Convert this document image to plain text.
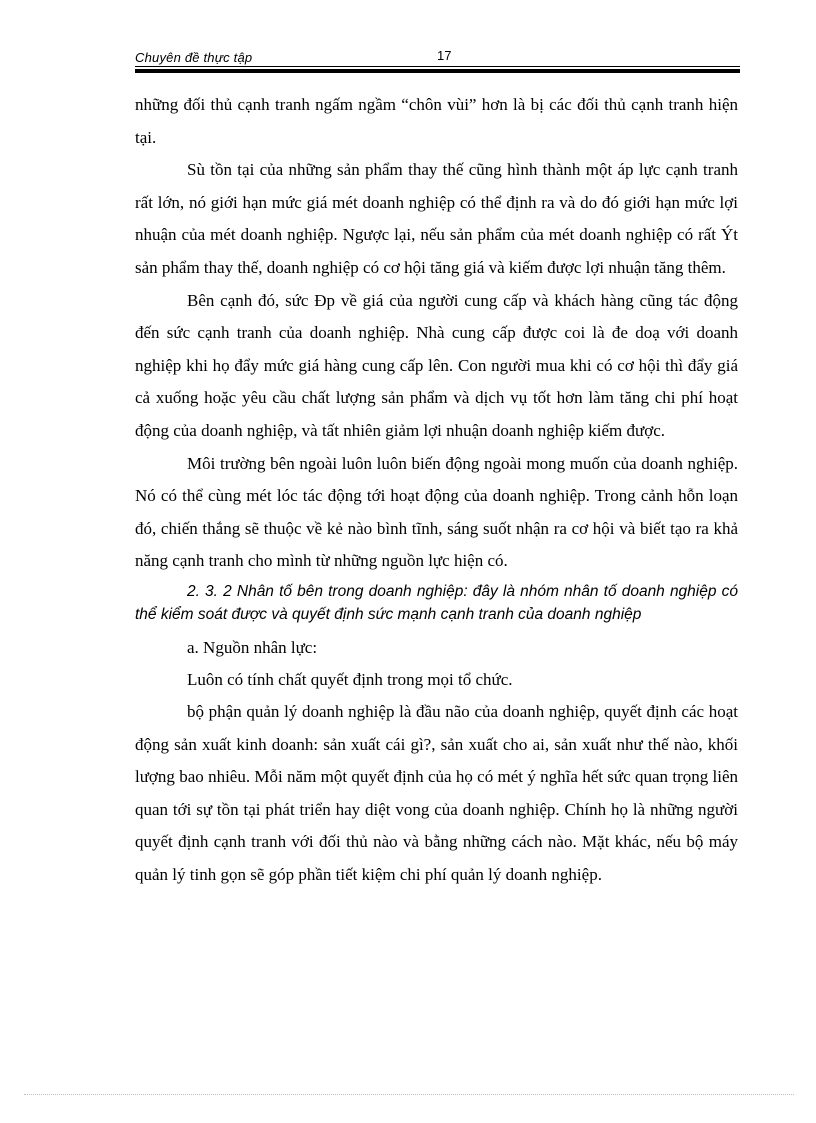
Chuyên đề thực tập	17

những đối thủ cạnh tranh ngấm ngầm “chôn vùi” hơn là bị các đối thủ cạnh tranh hiện tại.

Sù tồn tại của những sản phẩm thay thế cũng hình thành một áp lực cạnh tranh rất lớn, nó giới hạn mức giá mét doanh nghiệp có thể định ra và do đó giới hạn mức lợi nhuận của mét doanh nghiệp. Ngược lại, nếu sản phẩm của mét doanh nghiệp có rất Ýt sản phẩm thay thế, doanh nghiệp có cơ hội tăng giá và kiếm được lợi nhuận tăng thêm.

Bên cạnh đó, sức Ðp về giá của người cung cấp và khách hàng cũng tác động đến sức cạnh tranh của doanh nghiệp. Nhà cung cấp được coi là đe doạ với doanh nghiệp khi họ đẩy mức giá hàng cung cấp lên. Con người mua khi có cơ hội thì đẩy giá cả xuống hoặc yêu cầu chất lượng sản phẩm và dịch vụ tốt hơn làm tăng chi phí hoạt động của doanh nghiệp, và tất nhiên giảm lợi nhuận doanh nghiệp kiếm được.

Môi trường bên ngoài luôn luôn biến động ngoài mong muốn của doanh nghiệp. Nó có thể cùng mét lóc tác động tới hoạt động của doanh nghiệp. Trong cảnh hỗn loạn đó, chiến thắng sẽ thuộc về kẻ nào bình tĩnh, sáng suốt nhận ra cơ hội và biết tạo ra khả năng cạnh tranh cho mình từ những nguồn lực hiện có.

2. 3. 2 Nhân tố bên trong doanh nghiệp: đây là nhóm nhân tố doanh nghiệp có thể kiểm soát được và quyết định sức mạnh cạnh tranh của doanh nghiệp

a. Nguồn nhân lực:

Luôn có tính chất quyết định trong mọi tổ chức.

bộ phận quản lý doanh nghiệp là đầu não của doanh nghiệp, quyết định các hoạt động sản xuất kinh doanh: sản xuất cái gì?, sản xuất cho ai, sản xuất như thế nào, khối lượng bao nhiêu. Mỗi năm một quyết định của họ có mét ý nghĩa hết sức quan trọng liên quan tới sự tồn tại phát triển hay diệt vong của doanh nghiệp. Chính họ là những người quyết định cạnh tranh với đối thủ nào và bằng những cách nào. Mặt khác, nếu bộ máy quản lý tinh gọn sẽ góp phần tiết kiệm chi phí quản lý doanh nghiệp.
